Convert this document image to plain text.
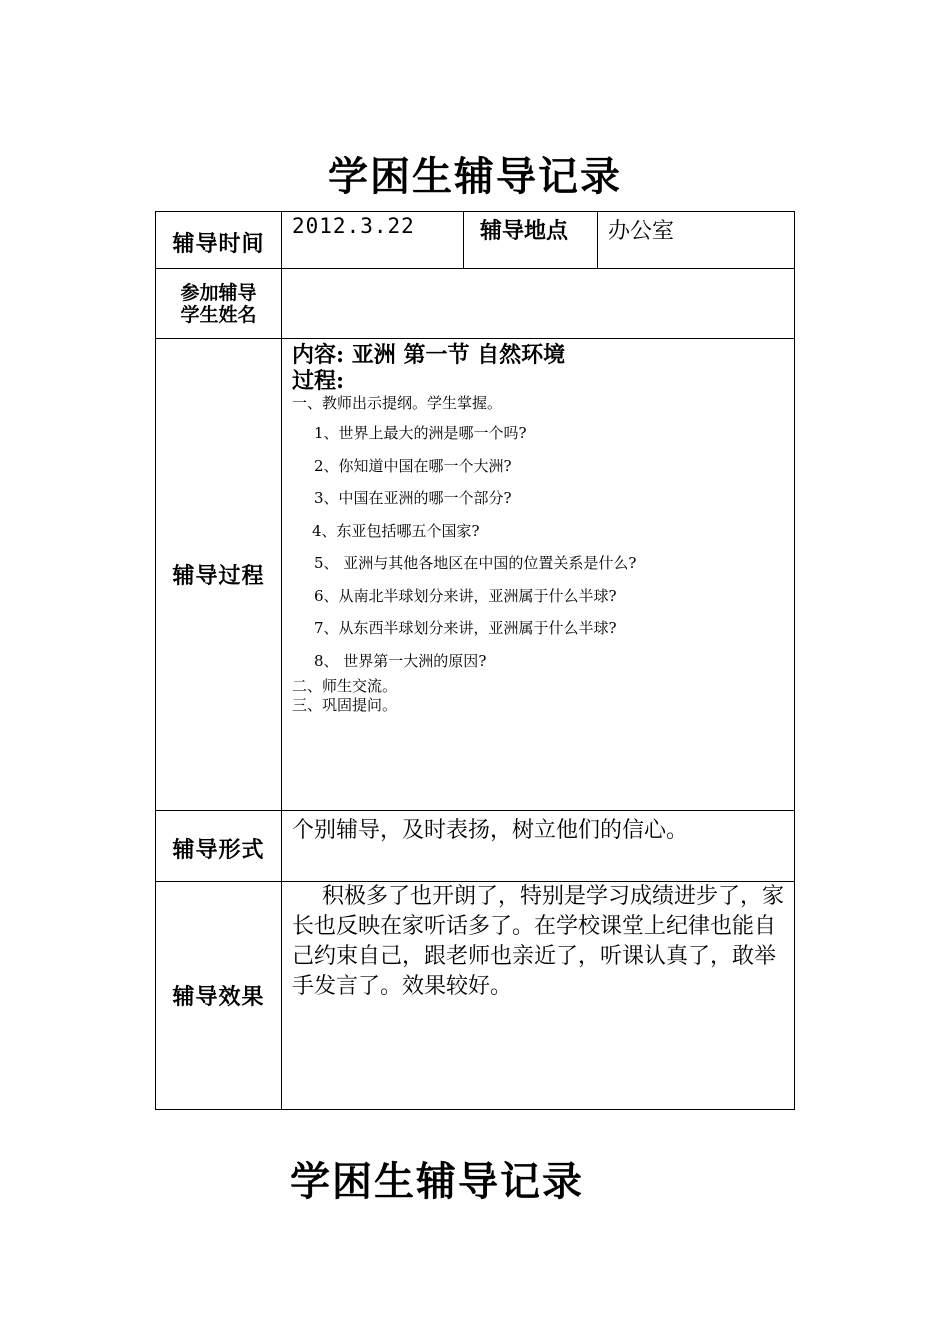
学困生辅导记录
辅导时间
2012.3.22	辅导地点	办公室
参加辅导
学生姓名
辅导过程
内容: 亚洲 第一节 自然环境
过程:
一、教师出示提纲。学生掌握。
1、世界上最大的洲是哪一个吗?
2、你知道中国在哪一个大洲?
3、中国在亚洲的哪一个部分?
4、东亚包括哪五个国家?
5、 亚洲与其他各地区在中国的位置关系是什么?
6、从南北半球划分来讲，亚洲属于什么半球?
7、从东西半球划分来讲，亚洲属于什么半球?
8、 世界第一大洲的原因?
二、师生交流。
三、巩固提问。
辅导形式
个别辅导，及时表扬，树立他们的信心。
辅导效果
积极多了也开朗了，特别是学习成绩进步了，家长也反映在家听话多了。在学校课堂上纪律也能自己约束自己，跟老师也亲近了，听课认真了，敢举手发言了。效果较好。
学困生辅导记录
